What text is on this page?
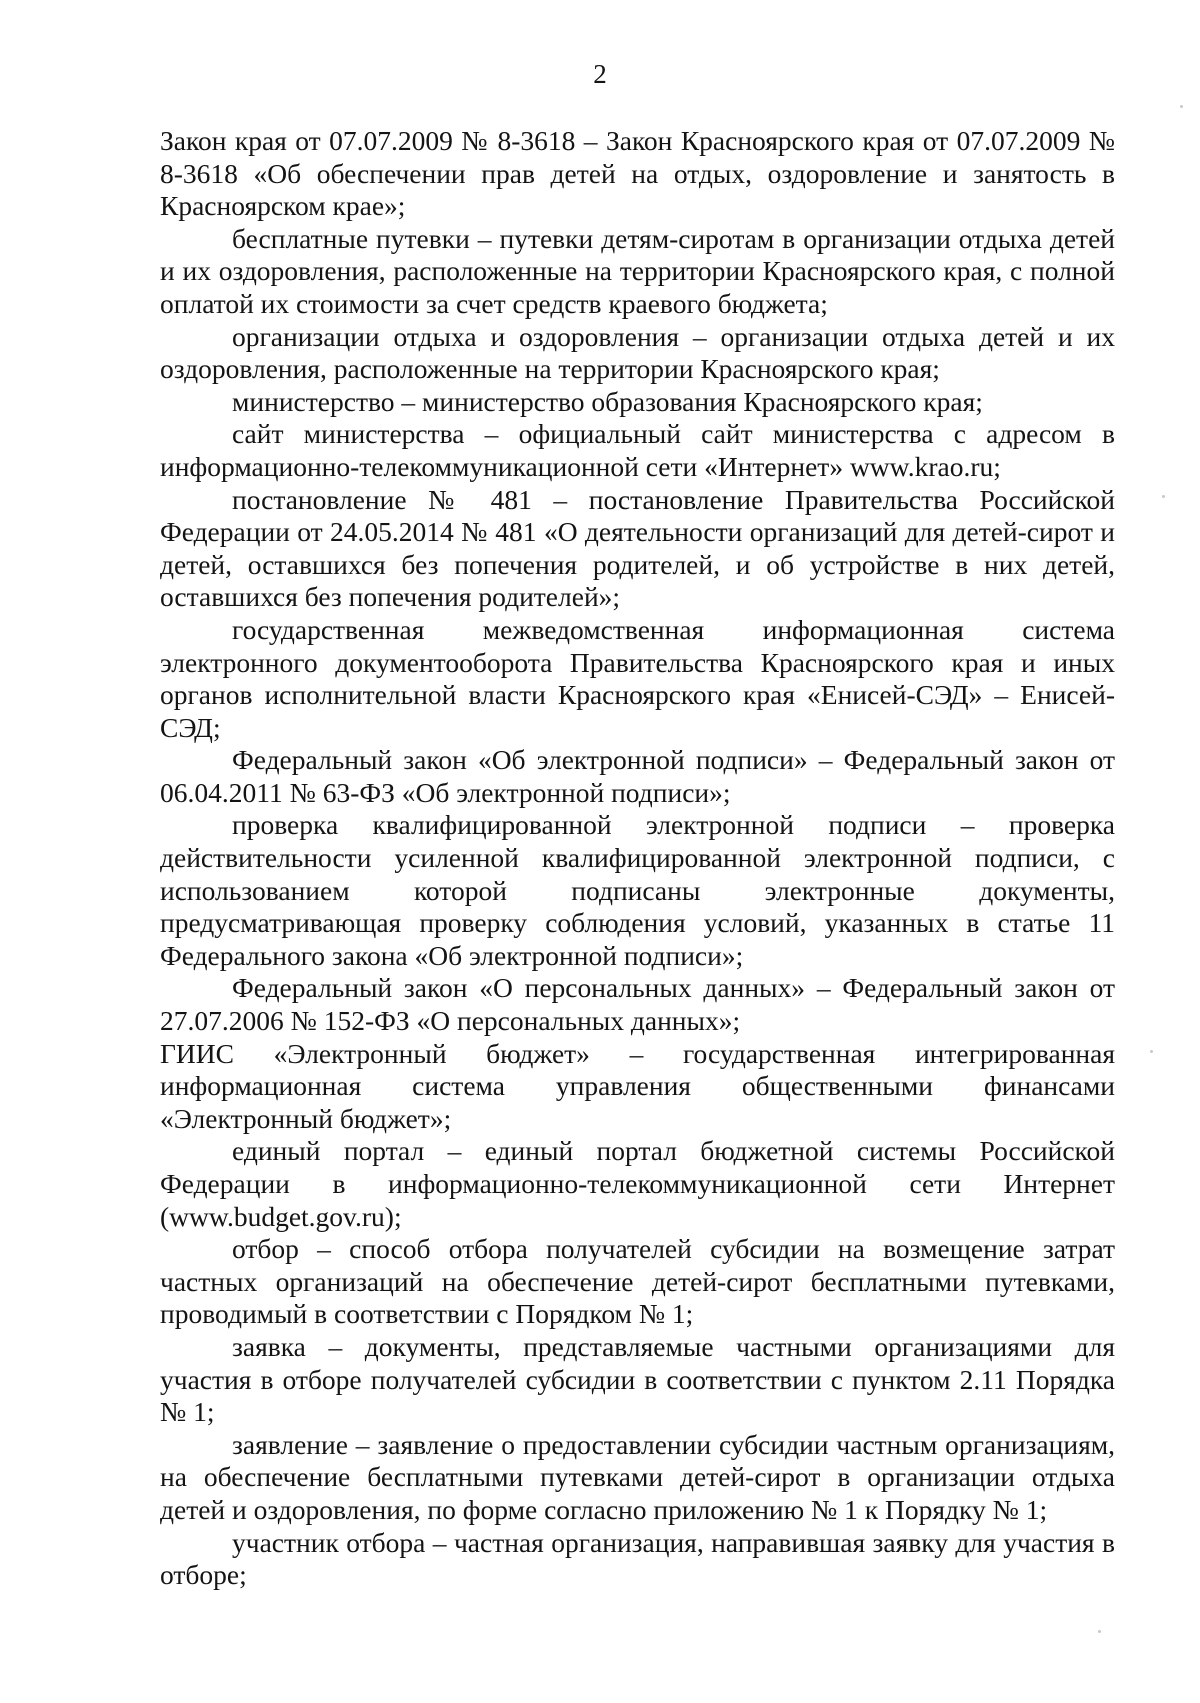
2

Закон края от 07.07.2009 № 8-3618 – Закон Красноярского края от 07.07.2009 № 8-3618 «Об обеспечении прав детей на отдых, оздоровление и занятость в Красноярском крае»;

бесплатные путевки – путевки детям-сиротам в организации отдыха детей и их оздоровления, расположенные на территории Красноярского края, с полной оплатой их стоимости за счет средств краевого бюджета;

организации отдыха и оздоровления – организации отдыха детей и их оздоровления, расположенные на территории Красноярского края;

министерство – министерство образования Красноярского края;

сайт министерства – официальный сайт министерства с адресом в информационно-телекоммуникационной сети «Интернет» www.krao.ru;

постановление № 481 – постановление Правительства Российской Федерации от 24.05.2014 № 481 «О деятельности организаций для детей-сирот и детей, оставшихся без попечения родителей, и об устройстве в них детей, оставшихся без попечения родителей»;

государственная межведомственная информационная система электронного документооборота Правительства Красноярского края и иных органов исполнительной власти Красноярского края «Енисей-СЭД» – Енисей-СЭД;

Федеральный закон «Об электронной подписи» – Федеральный закон от 06.04.2011 № 63-ФЗ «Об электронной подписи»;

проверка квалифицированной электронной подписи – проверка действительности усиленной квалифицированной электронной подписи, с использованием которой подписаны электронные документы, предусматривающая проверку соблюдения условий, указанных в статье 11 Федерального закона «Об электронной подписи»;

Федеральный закон «О персональных данных» – Федеральный закон от 27.07.2006 № 152-ФЗ «О персональных данных»;

ГИИС «Электронный бюджет» – государственная интегрированная информационная система управления общественными финансами «Электронный бюджет»;

единый портал – единый портал бюджетной системы Российской Федерации в информационно-телекоммуникационной сети Интернет (www.budget.gov.ru);

отбор – способ отбора получателей субсидии на возмещение затрат частных организаций на обеспечение детей-сирот бесплатными путевками, проводимый в соответствии с Порядком № 1;

заявка – документы, представляемые частными организациями для участия в отборе получателей субсидии в соответствии с пунктом 2.11 Порядка № 1;

заявление – заявление о предоставлении субсидии частным организациям, на обеспечение бесплатными путевками детей-сирот в организации отдыха детей и оздоровления, по форме согласно приложению № 1 к Порядку № 1;

участник отбора – частная организация, направившая заявку для участия в отборе;
